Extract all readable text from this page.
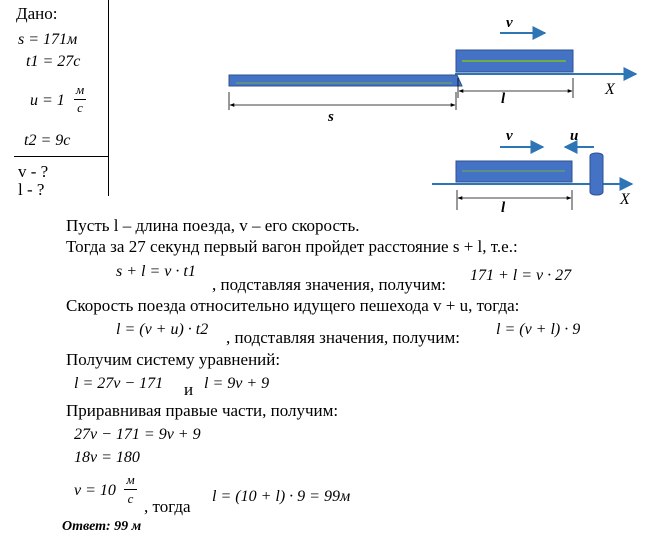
Дано:
s = 171м
t1 = 27с
u = 1
м
с
t2 = 9с
v - ?
l - ?
v
X
l
s
v	u
X
l
Пусть l – длина поезда, v – его скорость.
Тогда за 27 секунд первый вагон пройдет расстояние s + l, т.е.:
s + l = v · t1
, подставляя значения, получим: 171 + l = v · 27
Скорость поезда относительно идущего пешехода v + u, тогда:
l = (v + u) · t2 , подставляя значения, получим: l = (v + l) · 9
Получим систему уравнений:
l = 27v − 171 и l = 9v + 9
Приравнивая правые части, получим:
27v − 171 = 9v + 9
18v = 180
v = 10
м
с , тогда
l = (10 + l) · 9 = 99м
Ответ: 99 м
